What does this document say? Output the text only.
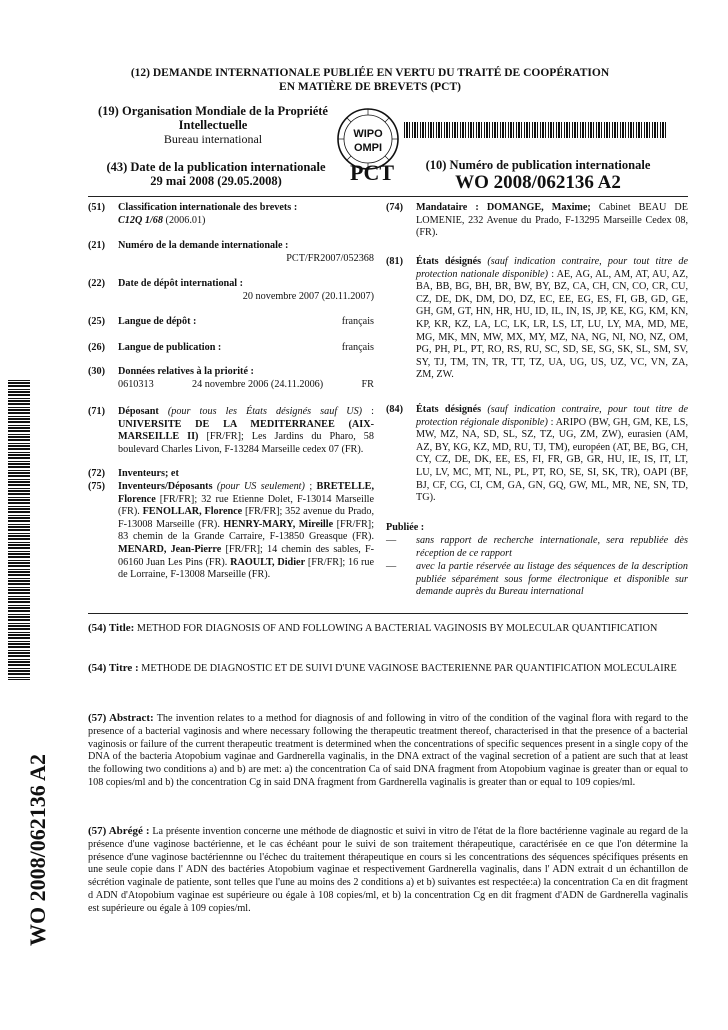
(12) DEMANDE INTERNATIONALE PUBLIÉE EN VERTU DU TRAITÉ DE COOPÉRATION
EN MATIÈRE DE BREVETS (PCT)
(19) Organisation Mondiale de la Propriété
Intellectuelle
Bureau international	WIPO
OMPI
(43) Date de la publication internationale
29 mai 2008 (29.05.2008)	PCT	(10) Numéro de publication internationale
WO 2008/062136 A2
(51) Classification internationale des brevets :
C12Q 1/68 (2006.01)
(21) Numéro de la demande internationale :
PCT/FR2007/052368
(22) Date de dépôt international :
20 novembre 2007 (20.11.2007)
(25) Langue de dépôt :	français
(26) Langue de publication :	français
(30) Données relatives à la priorité :
0610313	24 novembre 2006 (24.11.2006)	FR
(71) Déposant (pour tous les États désignés sauf US) : UNIVERSITE DE LA MEDITERRANEE (AIX-MARSEILLE II) [FR/FR]; Les Jardins du Pharo, 58 boulevard Charles Livon, F-13284 Marseille cedex 07 (FR).
(72) Inventeurs; et
(75) Inventeurs/Déposants (pour US seulement) ; BRETELLE, Florence [FR/FR]; 32 rue Etienne Dolet, F-13014 Marseille (FR). FENOLLAR, Florence [FR/FR]; 352 avenue du Prado, F-13008 Marseille (FR). HENRY-MARY, Mireille [FR/FR]; 83 chemin de la Grande Carraire, F-13850 Greasque (FR). MENARD, Jean-Pierre [FR/FR]; 14 chemin des sables, F-06160 Juan Les Pins (FR). RAOULT, Didier [FR/FR]; 16 rue de Lorraine, F-13008 Marseille (FR).
(74) Mandataire : DOMANGE, Maxime; Cabinet BEAU DE LOMENIE, 232 Avenue du Prado, F-13295 Marseille Cedex 08, (FR).
(81) États désignés (sauf indication contraire, pour tout titre de protection nationale disponible) : AE, AG, AL, AM, AT, AU, AZ, BA, BB, BG, BH, BR, BW, BY, BZ, CA, CH, CN, CO, CR, CU, CZ, DE, DK, DM, DO, DZ, EC, EE, EG, ES, FI, GB, GD, GE, GH, GM, GT, HN, HR, HU, ID, IL, IN, IS, JP, KE, KG, KM, KN, KP, KR, KZ, LA, LC, LK, LR, LS, LT, LU, LY, MA, MD, ME, MG, MK, MN, MW, MX, MY, MZ, NA, NG, NI, NO, NZ, OM, PG, PH, PL, PT, RO, RS, RU, SC, SD, SE, SG, SK, SL, SM, SV, SY, TJ, TM, TN, TR, TT, TZ, UA, UG, US, UZ, VC, VN, ZA, ZM, ZW.
(84) États désignés (sauf indication contraire, pour tout titre de protection régionale disponible) : ARIPO (BW, GH, GM, KE, LS, MW, MZ, NA, SD, SL, SZ, TZ, UG, ZM, ZW), eurasien (AM, AZ, BY, KG, KZ, MD, RU, TJ, TM), européen (AT, BE, BG, CH, CY, CZ, DE, DK, EE, ES, FI, FR, GB, GR, HU, IE, IS, IT, LT, LU, LV, MC, MT, NL, PL, PT, RO, SE, SI, SK, TR), OAPI (BF, BJ, CF, CG, CI, CM, GA, GN, GQ, GW, ML, MR, NE, SN, TD, TG).
Publiée :
— sans rapport de recherche internationale, sera republiée dès réception de ce rapport
— avec la partie réservée au listage des séquences de la description publiée séparément sous forme électronique et disponible sur demande auprès du Bureau international
(54) Title: METHOD FOR DIAGNOSIS OF AND FOLLOWING A BACTERIAL VAGINOSIS BY MOLECULAR QUANTIFICATION
(54) Titre : METHODE DE DIAGNOSTIC ET DE SUIVI D'UNE VAGINOSE BACTERIENNE PAR QUANTIFICATION MOLECULAIRE
(57) Abstract: The invention relates to a method for diagnosis of and following in vitro of the condition of the vaginal flora with regard to the presence of a bacterial vaginosis and where necessary following the therapeutic treatment thereof, characterised in that the presence of a bacterial vaginosis or failure of the current therapeutic treatment is determined when the concentrations of specific sequences present in a single copy of the DNA of the bacteria Atopobium vaginae and Gardnerella vaginalis, in the DNA extract of the vaginal secretion of a patient are such that at least the following two conditions a) and b) are met: a) the concentration Ca of said DNA fragment from Atopobium vaginae is greater than or equal to 108 copies/ml and b) the concentration Cg in said DNA fragment from Gardnerella vaginalis is greater than or equal to 109 copies/ml.
(57) Abrégé : La présente invention concerne une méthode de diagnostic et suivi in vitro de l'état de la flore bactérienne vaginale au regard de la présence d'une vaginose bactérienne, et le cas échéant pour le suivi de son traitement thérapeutique, caractérisée en ce que l'on détermine la présence d'une vaginose bactériennne ou l'échec du traitement thérapeutique en cours si les concentrations des séquences spécifiques présents en une seule copie dans l' ADN des bactéries Atopobium vaginae et respectivement Gardnerella vaginalis, dans l' ADN extrait d un échantillon de sécrétion vaginale de patiente, sont telles que l'une au moins des 2 conditions a) et b) suivantes est respectée:a) la concentration Ca en dit fragment d ADN d'Atopobium vaginae est supérieure ou égale à 108 copies/ml, et b) la concentration Cg en dit fragment d'ADN de Gardnerella vaginalis est supérieure ou égale à 109 copies/ml.
WO 2008/062136 A2
